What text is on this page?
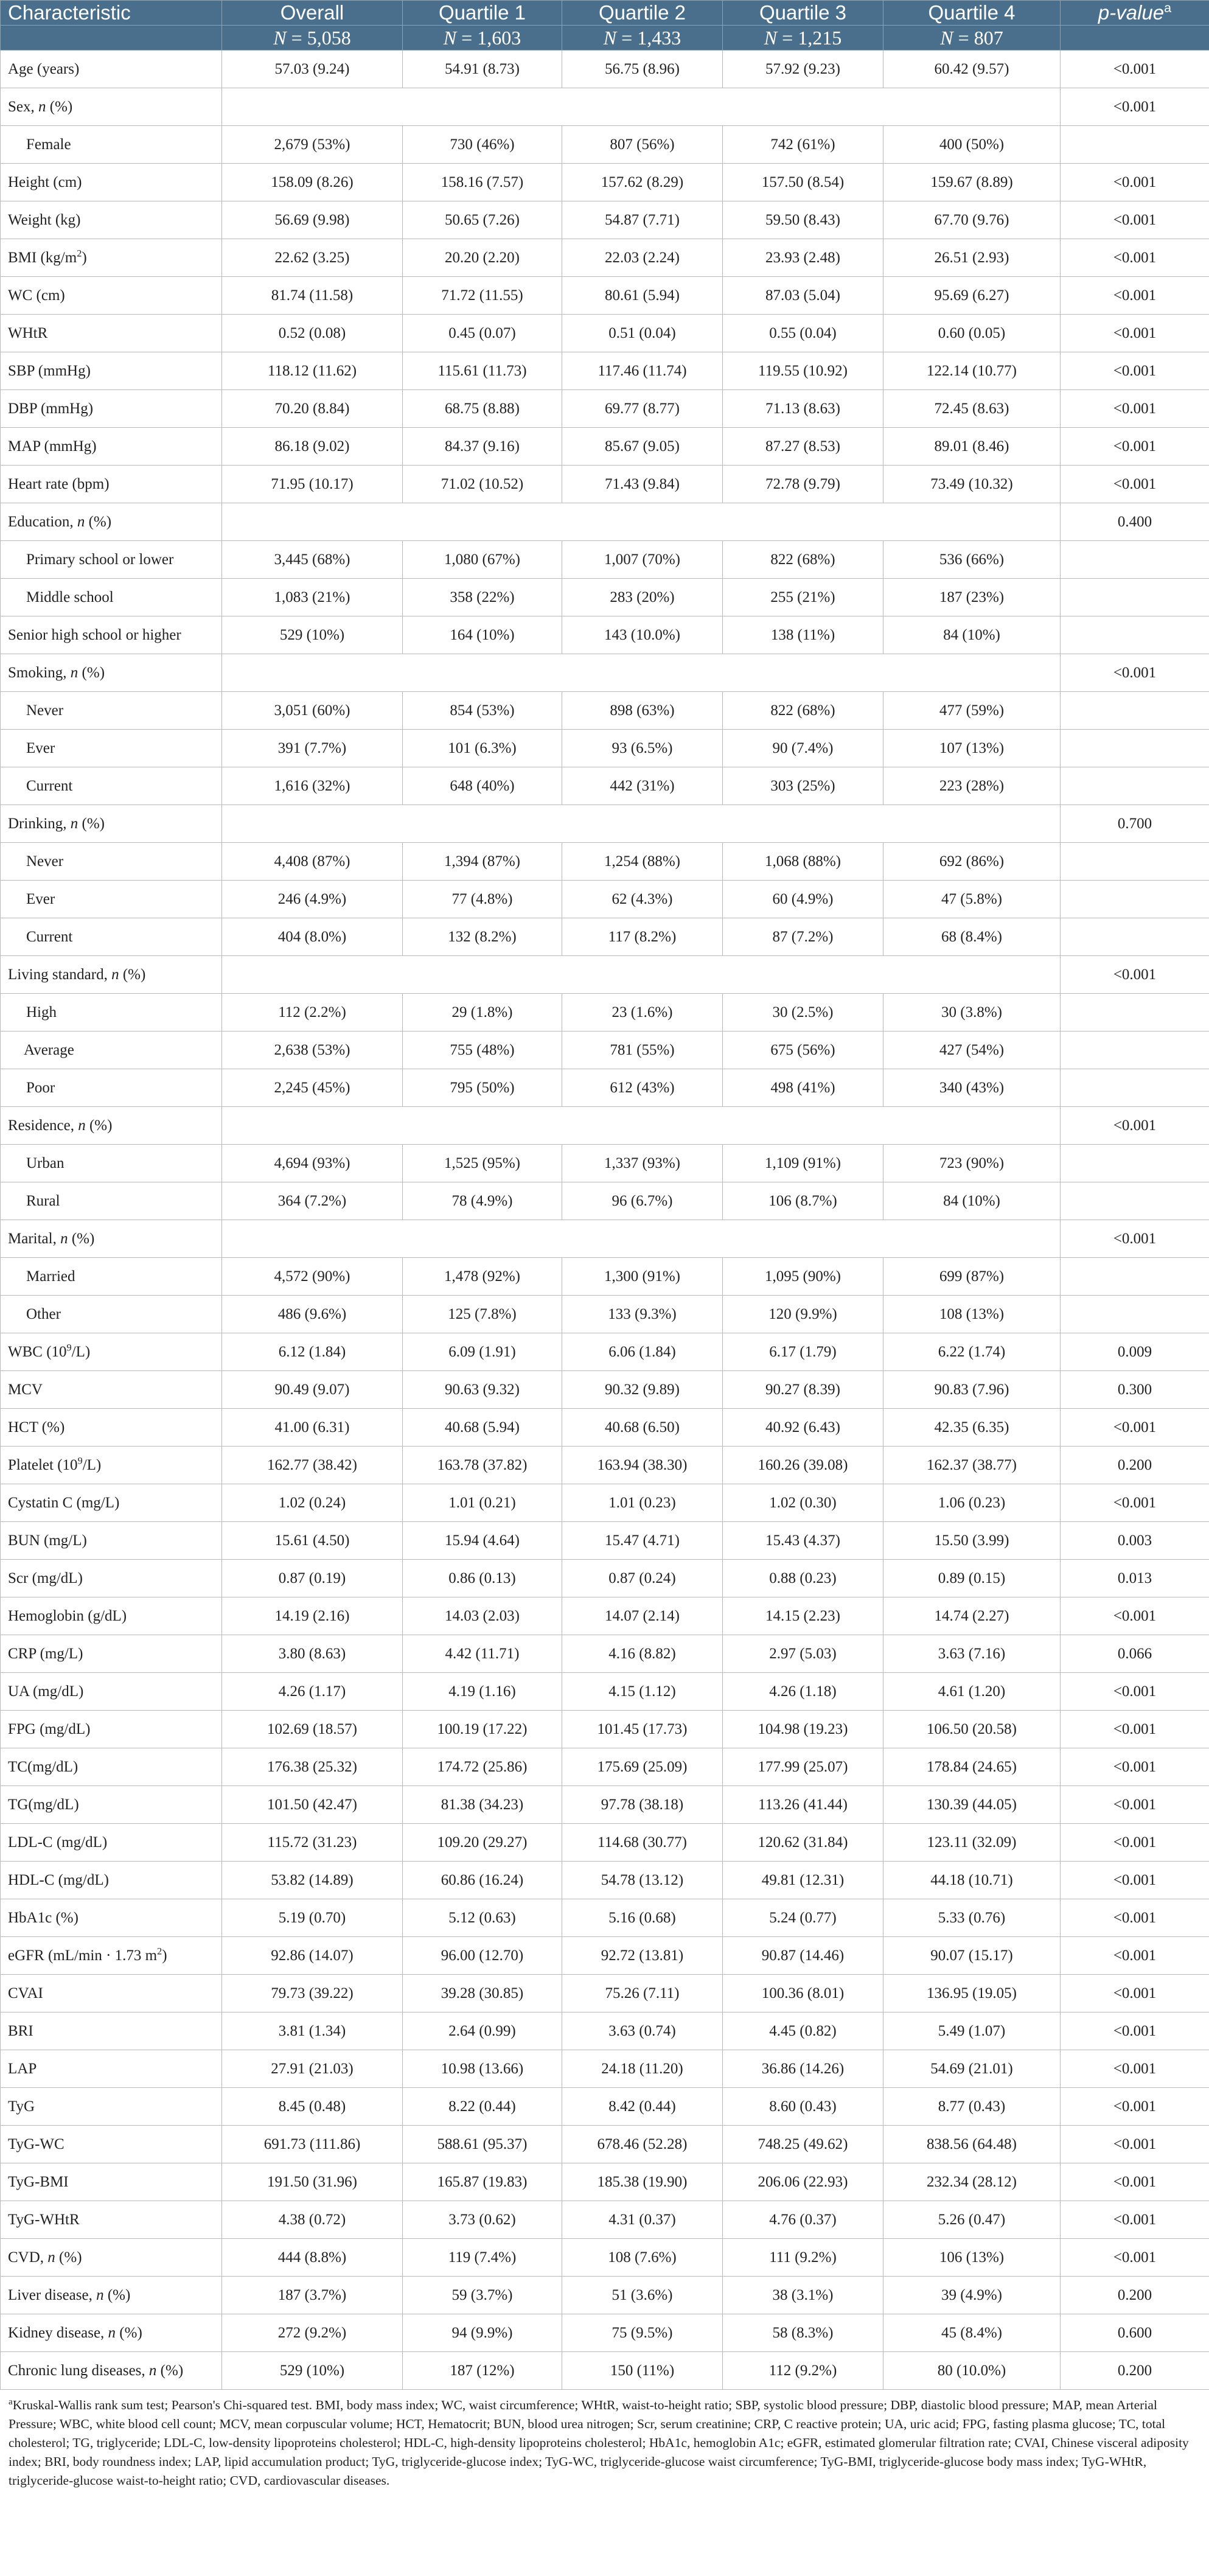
Characteristic	Overall	Quartile 1	Quartile 2	Quartile 3	Quartile 4	p-value$^a$
	N = 5,058	N = 1,603	N = 1,433	N = 1,215	N = 807	
Age (years)	57.03 (9.24)	54.91 (8.73)	56.75 (8.96)	57.92 (9.23)	60.42 (9.57)	<0.001
Sex, n (%)						<0.001
Female	2,679 (53%)	730 (46%)	807 (56%)	742 (61%)	400 (50%)	
Height (cm)	158.09 (8.26)	158.16 (7.57)	157.62 (8.29)	157.50 (8.54)	159.67 (8.89)	<0.001
Weight (kg)	56.69 (9.98)	50.65 (7.26)	54.87 (7.71)	59.50 (8.43)	67.70 (9.76)	<0.001
BMI $(kg/m^2)$	22.62 (3.25)	20.20 (2.20)	22.03 (2.24)	23.93 (2.48)	26.51 (2.93)	<0.001
WC (cm)	81.74 (11.58)	71.72 (11.55)	80.61 (5.94)	87.03 (5.04)	95.69 (6.27)	<0.001
WHtR	0.52 (0.08)	0.45 (0.07)	0.51 (0.04)	0.55 (0.04)	0.60 (0.05)	<0.001
SBP (mmHg)	118.12 (11.62)	115.61 (11.73)	117.46 (11.74)	119.55 (10.92)	122.14 (10.77)	<0.001
DBP (mmHg)	70.20 (8.84)	68.75 (8.88)	69.77 (8.77)	71.13 (8.63)	72.45 (8.63)	<0.001
MAP (mmHg)	86.18 (9.02)	84.37 (9.16)	85.67 (9.05)	87.27 (8.53)	89.01 (8.46)	<0.001
Heart rate (bpm)	71.95 (10.17)	71.02 (10.52)	71.43 (9.84)	72.78 (9.79)	73.49 (10.32)	<0.001
Education, n (%)						0.400
Primary school or lower	3,445 (68%)	1,080 (67%)	1,007 (70%)	822 (68%)	536 (66%)	
Middle school	1,083 (21%)	358 (22%)	283 (20%)	255 (21%)	187 (23%)	
Senior high school or higher	529 (10%)	164 (10%)	143 (10.0%)	138 (11%)	84 (10%)	
Smoking, n (%)						<0.001
Never	3,051 (60%)	854 (53%)	898 (63%)	822 (68%)	477 (59%)	
Ever	391 (7.7%)	101 (6.3%)	93 (6.5%)	90 (7.4%)	107 (13%)	
Current	1,616 (32%)	648 (40%)	442 (31%)	303 (25%)	223 (28%)	
Drinking, n (%)						0.700
Never	4,408 (87%)	1,394 (87%)	1,254 (88%)	1,068 (88%)	692 (86%)	
Ever	246 (4.9%)	77 (4.8%)	62 (4.3%)	60 (4.9%)	47 (5.8%)	
Current	404 (8.0%)	132 (8.2%)	117 (8.2%)	87 (7.2%)	68 (8.4%)	
Living standard, n (%)						<0.001
High	112 (2.2%)	29 (1.8%)	23 (1.6%)	30 (2.5%)	30 (3.8%)	
Average	2,638 (53%)	755 (48%)	781 (55%)	675 (56%)	427 (54%)	
Poor	2,245 (45%)	795 (50%)	612 (43%)	498 (41%)	340 (43%)	
Residence, n (%)						<0.001
Urban	4,694 (93%)	1,525 (95%)	1,337 (93%)	1,109 (91%)	723 (90%)	
Rural	364 (7.2%)	78 (4.9%)	96 (6.7%)	106 (8.7%)	84 (10%)	
Marital, n (%)						<0.001
Married	4,572 (90%)	1,478 (92%)	1,300 (91%)	1,095 (90%)	699 (87%)	
Other	486 (9.6%)	125 (7.8%)	133 (9.3%)	120 (9.9%)	108 (13%)	
WBC $(10^9/L)$	6.12 (1.84)	6.09 (1.91)	6.06 (1.84)	6.17 (1.79)	6.22 (1.74)	0.009
MCV	90.49 (9.07)	90.63 (9.32)	90.32 (9.89)	90.27 (8.39)	90.83 (7.96)	0.300
HCT (%)	41.00 (6.31)	40.68 (5.94)	40.68 (6.50)	40.92 (6.43)	42.35 (6.35)	<0.001
Platelet $(10^9/L)$	162.77 (38.42)	163.78 (37.82)	163.94 (38.30)	160.26 (39.08)	162.37 (38.77)	0.200
Cystatin C (mg/L)	1.02 (0.24)	1.01 (0.21)	1.01 (0.23)	1.02 (0.30)	1.06 (0.23)	<0.001
BUN (mg/L)	15.61 (4.50)	15.94 (4.64)	15.47 (4.71)	15.43 (4.37)	15.50 (3.99)	0.003
Scr (mg/dL)	0.87 (0.19)	0.86 (0.13)	0.87 (0.24)	0.88 (0.23)	0.89 (0.15)	0.013
Hemoglobin (g/dL)	14.19 (2.16)	14.03 (2.03)	14.07 (2.14)	14.15 (2.23)	14.74 (2.27)	<0.001
CRP (mg/L)	3.80 (8.63)	4.42 (11.71)	4.16 (8.82)	2.97 (5.03)	3.63 (7.16)	0.066
UA (mg/dL)	4.26 (1.17)	4.19 (1.16)	4.15 (1.12)	4.26 (1.18)	4.61 (1.20)	<0.001
FPG (mg/dL)	102.69 (18.57)	100.19 (17.22)	101.45 (17.73)	104.98 (19.23)	106.50 (20.58)	<0.001
TC(mg/dL)	176.38 (25.32)	174.72 (25.86)	175.69 (25.09)	177.99 (25.07)	178.84 (24.65)	<0.001
TG(mg/dL)	101.50 (42.47)	81.38 (34.23)	97.78 (38.18)	113.26 (41.44)	130.39 (44.05)	<0.001
LDL-C (mg/dL)	115.72 (31.23)	109.20 (29.27)	114.68 (30.77)	120.62 (31.84)	123.11 (32.09)	<0.001
HDL-C (mg/dL)	53.82 (14.89)	60.86 (16.24)	54.78 (13.12)	49.81 (12.31)	44.18 (10.71)	<0.001
HbA1c (%)	5.19 (0.70)	5.12 (0.63)	5.16 (0.68)	5.24 (0.77)	5.33 (0.76)	<0.001
eGFR (mL/min · 1.73 $m^2$)	92.86 (14.07)	96.00 (12.70)	92.72 (13.81)	90.87 (14.46)	90.07 (15.17)	<0.001
CVAI	79.73 (39.22)	39.28 (30.85)	75.26 (7.11)	100.36 (8.01)	136.95 (19.05)	<0.001
BRI	3.81 (1.34)	2.64 (0.99)	3.63 (0.74)	4.45 (0.82)	5.49 (1.07)	<0.001
LAP	27.91 (21.03)	10.98 (13.66)	24.18 (11.20)	36.86 (14.26)	54.69 (21.01)	<0.001
TyG	8.45 (0.48)	8.22 (0.44)	8.42 (0.44)	8.60 (0.43)	8.77 (0.43)	<0.001
TyG-WC	691.73 (111.86)	588.61 (95.37)	678.46 (52.28)	748.25 (49.62)	838.56 (64.48)	<0.001
TyG-BMI	191.50 (31.96)	165.87 (19.83)	185.38 (19.90)	206.06 (22.93)	232.34 (28.12)	<0.001
TyG-WHtR	4.38 (0.72)	3.73 (0.62)	4.31 (0.37)	4.76 (0.37)	5.26 (0.47)	<0.001
CVD, n (%)	444 (8.8%)	119 (7.4%)	108 (7.6%)	111 (9.2%)	106 (13%)	<0.001
Liver disease, n (%)	187 (3.7%)	59 (3.7%)	51 (3.6%)	38 (3.1%)	39 (4.9%)	0.200
Kidney disease, n (%)	272 (9.2%)	94 (9.9%)	75 (9.5%)	58 (8.3%)	45 (8.4%)	0.600
Chronic lung diseases, n (%)	529 (10%)	187 (12%)	150 (11%)	112 (9.2%)	80 (10.0%)	0.200
$^a$Kruskal-Wallis rank sum test; Pearson's Chi-squared test. BMI, body mass index; WC, waist circumference; WHtR, waist-to-height ratio; SBP, systolic blood pressure; DBP, diastolic blood pressure; MAP, mean Arterial Pressure; WBC, white blood cell count; MCV, mean corpuscular volume; HCT, Hematocrit; BUN, blood urea nitrogen; Scr, serum creatinine; CRP, C reactive protein; UA, uric acid; FPG, fasting plasma glucose; TC, total cholesterol; TG, triglyceride; LDL-C, low-density lipoproteins cholesterol; HDL-C, high-density lipoproteins cholesterol; HbA1c, hemoglobin A1c; eGFR, estimated glomerular filtration rate; CVAI, Chinese visceral adiposity index; BRI, body roundness index; LAP, lipid accumulation product; TyG, triglyceride-glucose index; TyG-WC, triglyceride-glucose waist circumference; TyG-BMI, triglyceride-glucose body mass index; TyG-WHtR, triglyceride-glucose waist-to-height ratio; CVD, cardiovascular diseases.
